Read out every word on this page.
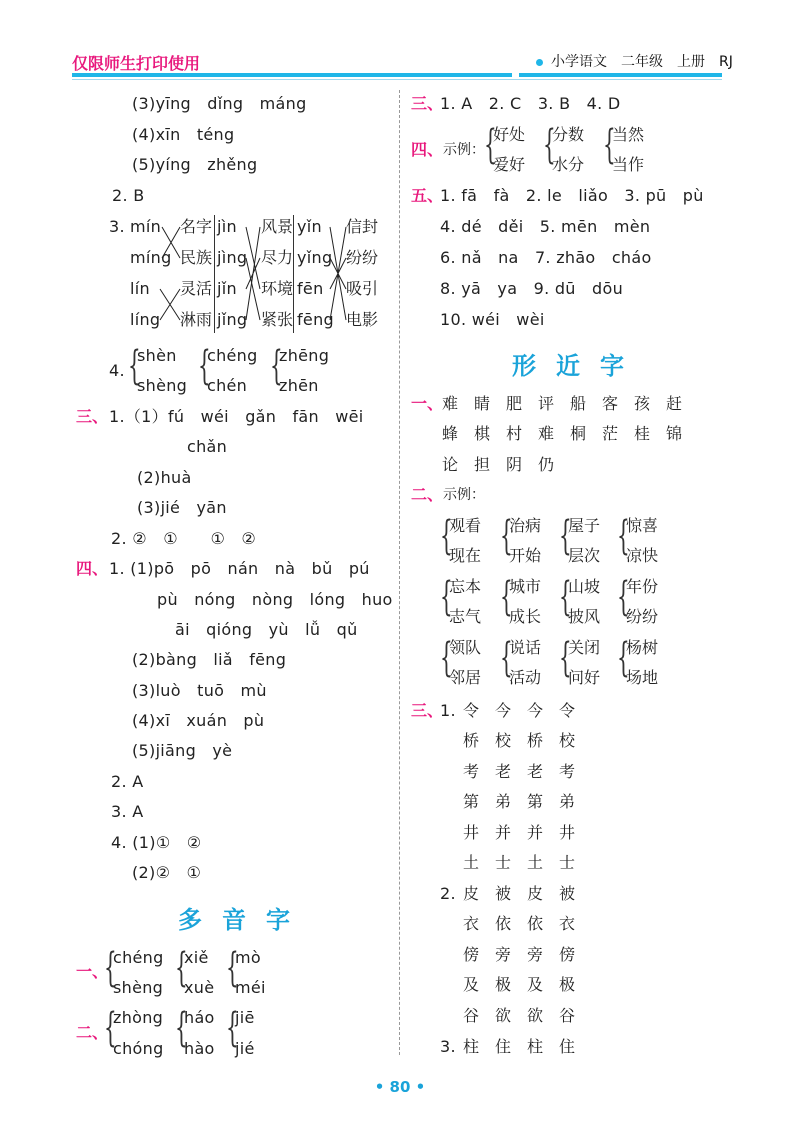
仅限师生打印使用	小学语文　二年级　上册　RJ
(3)yīng　dǐng　máng
(4)xīn　téng
(5)yíng　zhěng
2. B
3. mín
míng
lín
líng
名字
民族
灵活
淋雨
jìn
jìng
jǐn
jǐng
风景
尽力
环境
紧张
yǐn
yǐng
fēn
fēng
信封
纷纷
吸引
电影
4. {
shèn
shèng {
chéng
chén {
zhēng
zhēn
三、 1.（1）fú　wéi　gǎn　fān　wēi
chǎn
(2)huà
(3)jié　yān
2. ②　①　　①　②
四、 1. (1)pō　pō　nán　nà　bǔ　pú
pù　nóng　nòng　lóng　huo
āi　qióng　yù　lǚ　qǔ
(2)bàng　liǎ　fēng
(3)luò　tuō　mù
(4)xī　xuán　pù
(5)jiāng　yè
2. A
3. A
4. (1)①　②
(2)②　①
多音字
一、
{
chéng
shèng {
xiě
xuè {
mò
méi
二、
{
zhòng
chóng {
háo
hào {
jiē
jié
三、
1. A　2. C　3. B　4. D
四、 示例： {
好处
爱好 {
分数
水分 {
当然
当作
五、
1. fā　fà　2. le　liǎo　3. pū　pù
4. dé　děi　5. mēn　mèn
6. nǎ　na　7. zhāo　cháo
8. yā　ya　9. dū　dōu
10. wéi　wèi
形近字
一、
难　睛　肥　评　船　客　孩　赶
蜂　棋　村　难　桐　茫　桂　锦
论　担　阴　仍
二、 示例：
{
观看
现在 {
治病
开始 {
屋子
层次 {
惊喜
凉快
{
忘本
志气 {
城市
成长 {
山坡
披风 {
年份
纷纷
{
领队
邻居 {
说话
活动 {
关闭
问好 {
杨树
场地
三、
1. 令　今　今　令
桥　校　桥　校
考　老　老　考
第　弟　第　弟
井　并　并　井
土　士　土　士
2. 皮　被　皮　被
衣　依　依　衣
傍　旁　旁　傍
及　极　及　极
谷　欲　欲　谷
3. 柱　住　柱　住
• 80 •
